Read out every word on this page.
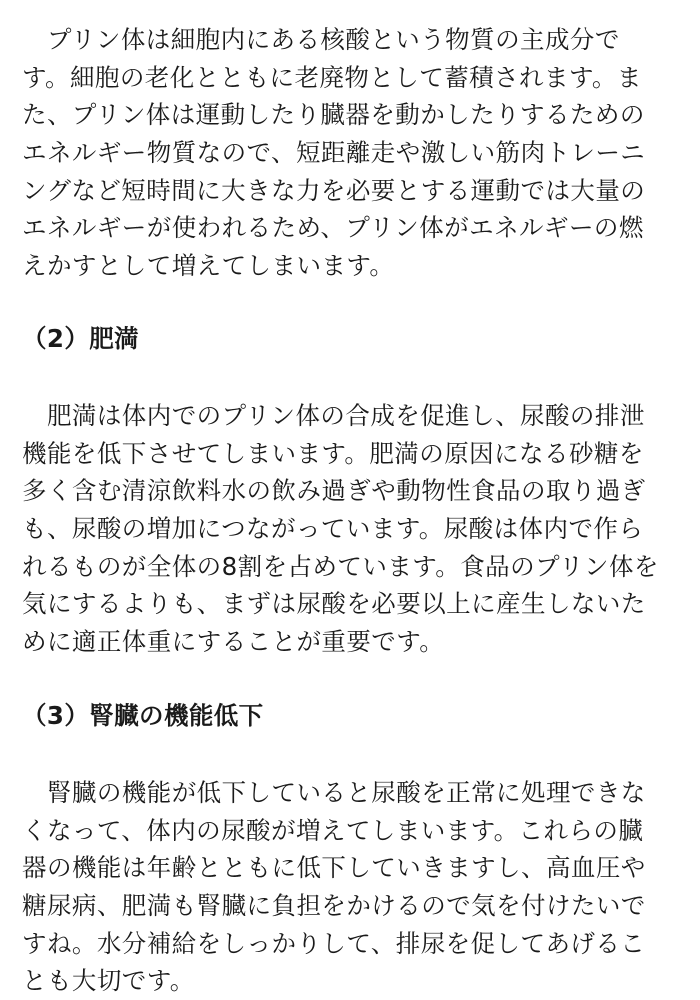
　プリン体は細胞内にある核酸という物質の主成分で
す。細胞の老化とともに老廃物として蓄積されます。ま
た、プリン体は運動したり臓器を動かしたりするための
エネルギー物質なので、短距離走や激しい筋肉トレーニ
ングなど短時間に大きな力を必要とする運動では大量の
エネルギーが使われるため、プリン体がエネルギーの燃
えかすとして増えてしまいます。
（2）肥満
　肥満は体内でのプリン体の合成を促進し、尿酸の排泄
機能を低下させてしまいます。肥満の原因になる砂糖を
多く含む清涼飲料水の飲み過ぎや動物性食品の取り過ぎ
も、尿酸の増加につながっています。尿酸は体内で作ら
れるものが全体の8割を占めています。食品のプリン体を
気にするよりも、まずは尿酸を必要以上に産生しないた
めに適正体重にすることが重要です。
（3）腎臓の機能低下
　腎臓の機能が低下していると尿酸を正常に処理できな
くなって、体内の尿酸が増えてしまいます。これらの臓
器の機能は年齢とともに低下していきますし、高血圧や
糖尿病、肥満も腎臓に負担をかけるので気を付けたいで
すね。水分補給をしっかりして、排尿を促してあげるこ
とも大切です。
